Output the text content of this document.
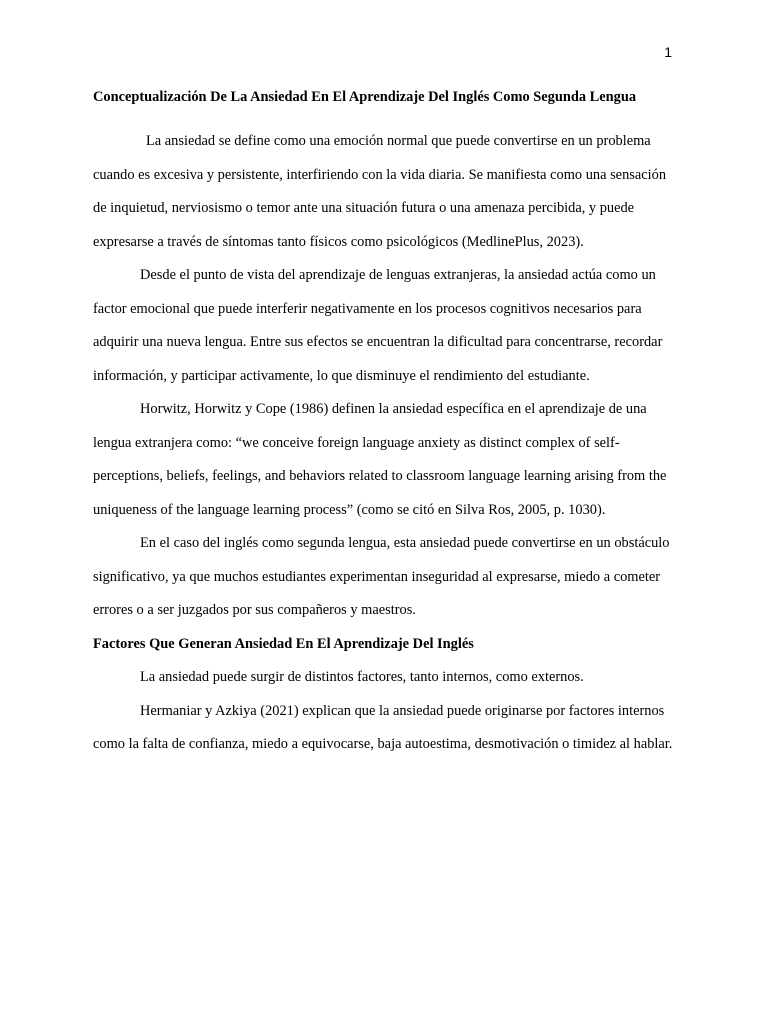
1
Conceptualización De La Ansiedad En El Aprendizaje Del Inglés Como Segunda Lengua

La ansiedad se define como una emoción normal que puede convertirse en un problema cuando es excesiva y persistente, interfiriendo con la vida diaria. Se manifiesta como una sensación de inquietud, nerviosismo o temor ante una situación futura o una amenaza percibida, y puede expresarse a través de síntomas tanto físicos como psicológicos (MedlinePlus, 2023).

Desde el punto de vista del aprendizaje de lenguas extranjeras, la ansiedad actúa como un factor emocional que puede interferir negativamente en los procesos cognitivos necesarios para adquirir una nueva lengua. Entre sus efectos se encuentran la dificultad para concentrarse, recordar información, y participar activamente, lo que disminuye el rendimiento del estudiante.

Horwitz, Horwitz y Cope (1986) definen la ansiedad específica en el aprendizaje de una lengua extranjera como: “we conceive foreign language anxiety as distinct complex of self-perceptions, beliefs, feelings, and behaviors related to classroom language learning arising from the uniqueness of the language learning process” (como se citó en Silva Ros, 2005, p. 1030).

En el caso del inglés como segunda lengua, esta ansiedad puede convertirse en un obstáculo significativo, ya que muchos estudiantes experimentan inseguridad al expresarse, miedo a cometer errores o a ser juzgados por sus compañeros y maestros.

Factores Que Generan Ansiedad En El Aprendizaje Del Inglés

La ansiedad puede surgir de distintos factores, tanto internos, como externos.

Hermaniar y Azkiya (2021) explican que la ansiedad puede originarse por factores internos como la falta de confianza, miedo a equivocarse, baja autoestima, desmotivación o timidez al hablar.
